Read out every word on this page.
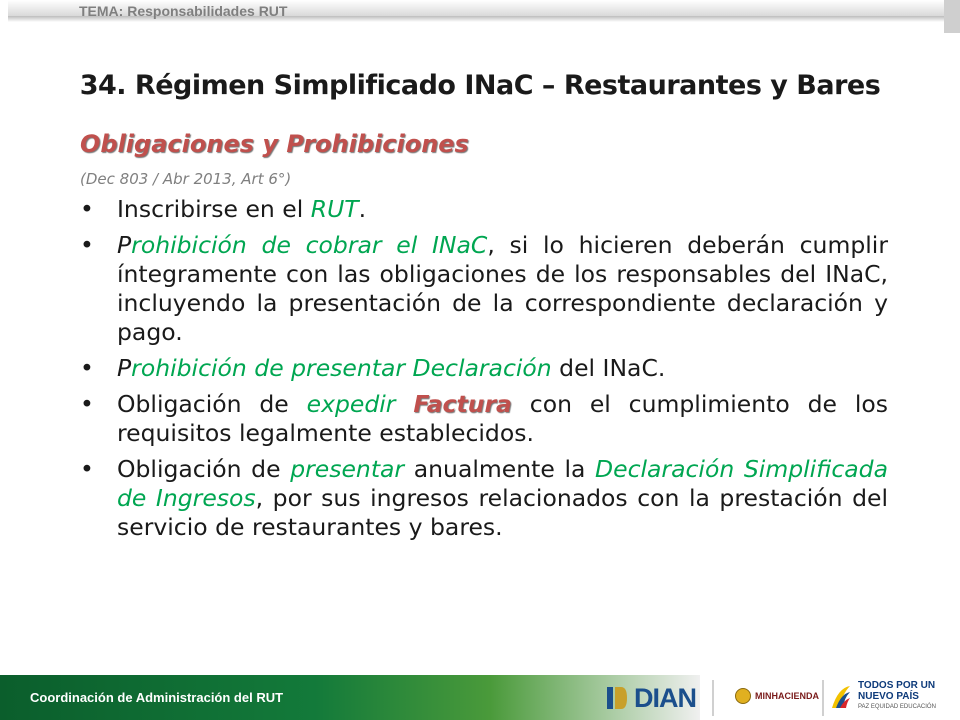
TEMA: Responsabilidades RUT
34. Régimen Simplificado INaC – Restaurantes y Bares
Obligaciones y Prohibiciones
(Dec 803 / Abr 2013, Art 6°)
• Inscribirse en el RUT.
• Prohibición de cobrar el INaC, si lo hicieren deberán cumplir íntegramente con las obligaciones de los responsables del INaC, incluyendo la presentación de la correspondiente declaración y pago.
• Prohibición de presentar Declaración del INaC.
• Obligación de expedir Factura con el cumplimiento de los requisitos legalmente establecidos.
• Obligación de presentar anualmente la Declaración Simplificada de Ingresos, por sus ingresos relacionados con la prestación del servicio de restaurantes y bares.
Coordinación de Administración del RUT	DIAN	MINHACIENDA
TODOS POR UN
NUEVO PAÍS
PAZ EQUIDAD EDUCACIÓN
